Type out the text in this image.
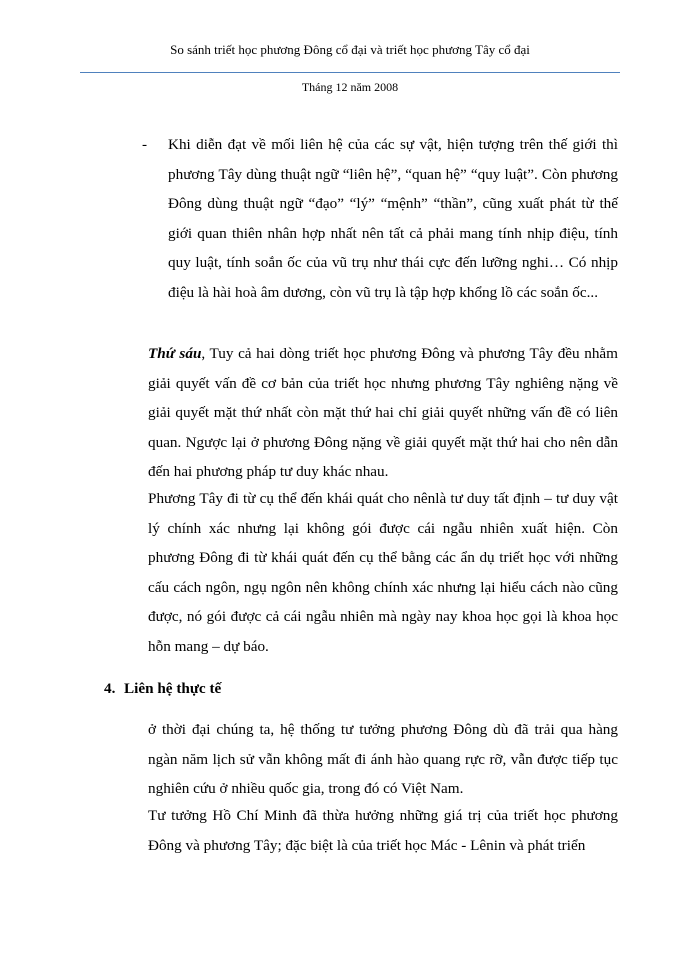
So sánh triết học phương Đông cổ đại và triết học phương Tây cổ đại
Tháng 12 năm 2008
-	Khi diễn đạt về mối liên hệ của các sự vật, hiện tượng trên thế giới thì phương Tây dùng thuật ngữ “liên hệ”, “quan hệ” “quy luật”. Còn phương Đông dùng thuật ngữ “đạo” “lý” “mệnh” “thần”, cũng xuất phát từ thế giới quan thiên nhân hợp nhất nên tất cả phải mang tính nhịp điệu, tính quy luật, tính soắn ốc của vũ trụ như thái cực đến lưỡng nghi… Có nhịp điệu là hài hoà âm dương, còn vũ trụ là tập hợp khổng lồ các soắn ốc...

Thứ sáu, Tuy cả hai dòng triết học phương Đông và phương Tây đều nhằm giải quyết vấn đề cơ bản của triết học nhưng phương Tây nghiêng nặng về giải quyết mặt thứ nhất còn mặt thứ hai chỉ giải quyết những vấn đề có liên quan. Ngược lại ở phương Đông nặng về giải quyết mặt thứ hai cho nên dẫn đến hai phương pháp tư duy khác nhau.

Phương Tây đi từ cụ thể đến khái quát cho nênlà tư duy tất định – tư duy vật lý chính xác nhưng lại không gói được cái ngẫu nhiên xuất hiện. Còn phương Đông đi từ khái quát đến cụ thể bằng các ẩn dụ triết học với những cấu cách ngôn, ngụ ngôn nên không chính xác nhưng lại hiểu cách nào cũng được, nó gói được cả cái ngẫu nhiên mà ngày nay khoa học gọi là khoa học hỗn mang – dự báo.

4. Liên hệ thực tế

ở thời đại chúng ta, hệ thống tư tưởng phương Đông dù đã trải qua hàng ngàn năm lịch sử vẫn không mất đi ánh hào quang rực rỡ, vẫn được tiếp tục nghiên cứu ở nhiều quốc gia, trong đó có Việt Nam.

Tư tưởng Hồ Chí Minh đã thừa hưởng những giá trị của triết học phương Đông và phương Tây; đặc biệt là của triết học Mác - Lênin và phát triển
